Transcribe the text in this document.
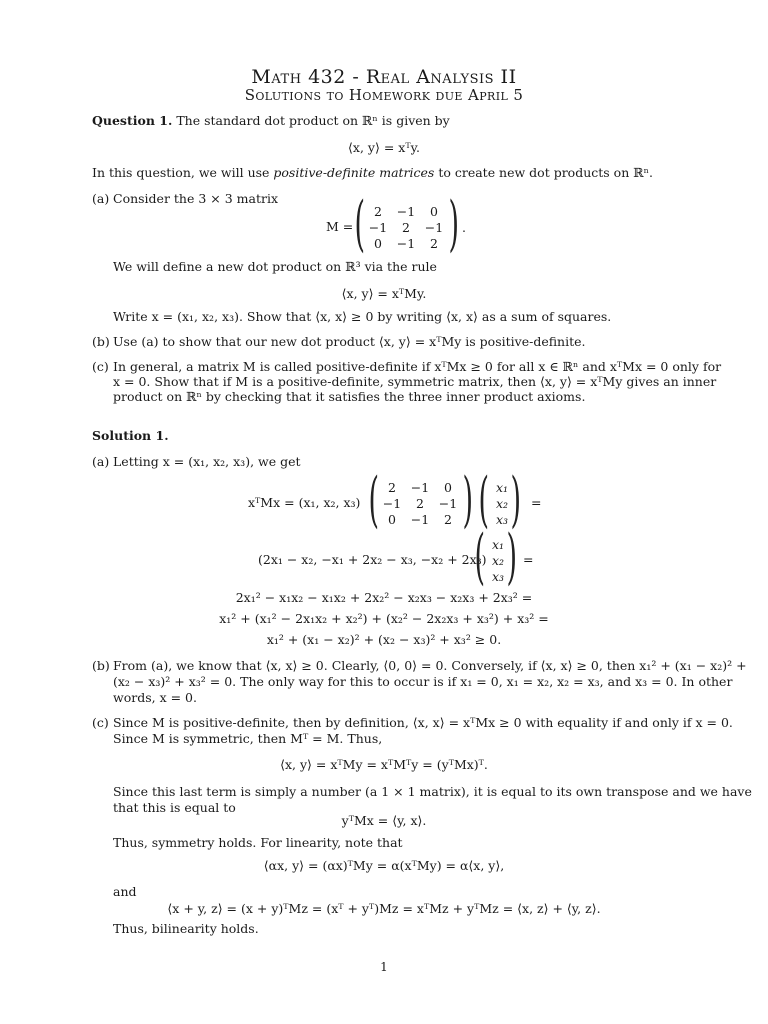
Math 432 - Real Analysis II
Solutions to Homework due April 5
Question 1. The standard dot product on ℝⁿ is given by
⟨x, y⟩ = xᵀy.
In this question, we will use positive-definite matrices to create new dot products on ℝⁿ.
(a) Consider the 3 × 3 matrix
M = ( 2	−1	0
−1	2	−1
0	−1	2 ) .
We will define a new dot product on ℝ³ via the rule
⟨x, y⟩ = xᵀMy.
Write x = (x₁, x₂, x₃). Show that ⟨x, x⟩ ≥ 0 by writing ⟨x, x⟩ as a sum of squares.
(b) Use (a) to show that our new dot product ⟨x, y⟩ = xᵀMy is positive-definite.
(c) In general, a matrix M is called positive-definite if xᵀMx ≥ 0 for all x ∈ ℝⁿ and xᵀMx = 0 only for
x = 0. Show that if M is a positive-definite, symmetric matrix, then ⟨x, y⟩ = xᵀMy gives an inner
product on ℝⁿ by checking that it satisfies the three inner product axioms.
Solution 1.
(a) Letting x = (x₁, x₂, x₃), we get
xᵀMx = (x₁, x₂, x₃) ( 2	−1	0
−1	2	−1
0	−1	2 ) ( x₁
x₂
x₃ ) =
(2x₁ − x₂, −x₁ + 2x₂ − x₃, −x₂ + 2x₃)
( x₁
x₂
x₃ ) =
2x₁² − x₁x₂ − x₁x₂ + 2x₂² − x₂x₃ − x₂x₃ + 2x₃² =
x₁² + (x₁² − 2x₁x₂ + x₂²) + (x₂² − 2x₂x₃ + x₃²) + x₃² =
x₁² + (x₁ − x₂)² + (x₂ − x₃)² + x₃² ≥ 0.
(b) From (a), we know that ⟨x, x⟩ ≥ 0. Clearly, ⟨0, 0⟩ = 0. Conversely, if ⟨x, x⟩ ≥ 0, then x₁² + (x₁ − x₂)² +
(x₂ − x₃)² + x₃² = 0. The only way for this to occur is if x₁ = 0, x₁ = x₂, x₂ = x₃, and x₃ = 0. In other
words, x = 0.
(c) Since M is positive-definite, then by definition, ⟨x, x⟩ = xᵀMx ≥ 0 with equality if and only if x = 0.
Since M is symmetric, then Mᵀ = M. Thus,
⟨x, y⟩ = xᵀMy = xᵀMᵀy = (yᵀMx)ᵀ.
Since this last term is simply a number (a 1 × 1 matrix), it is equal to its own transpose and we have
that this is equal to
yᵀMx = ⟨y, x⟩.
Thus, symmetry holds. For linearity, note that
⟨αx, y⟩ = (αx)ᵀMy = α(xᵀMy) = α⟨x, y⟩,
and
⟨x + y, z⟩ = (x + y)ᵀMz = (xᵀ + yᵀ)Mz = xᵀMz + yᵀMz = ⟨x, z⟩ + ⟨y, z⟩.
Thus, bilinearity holds.
1
